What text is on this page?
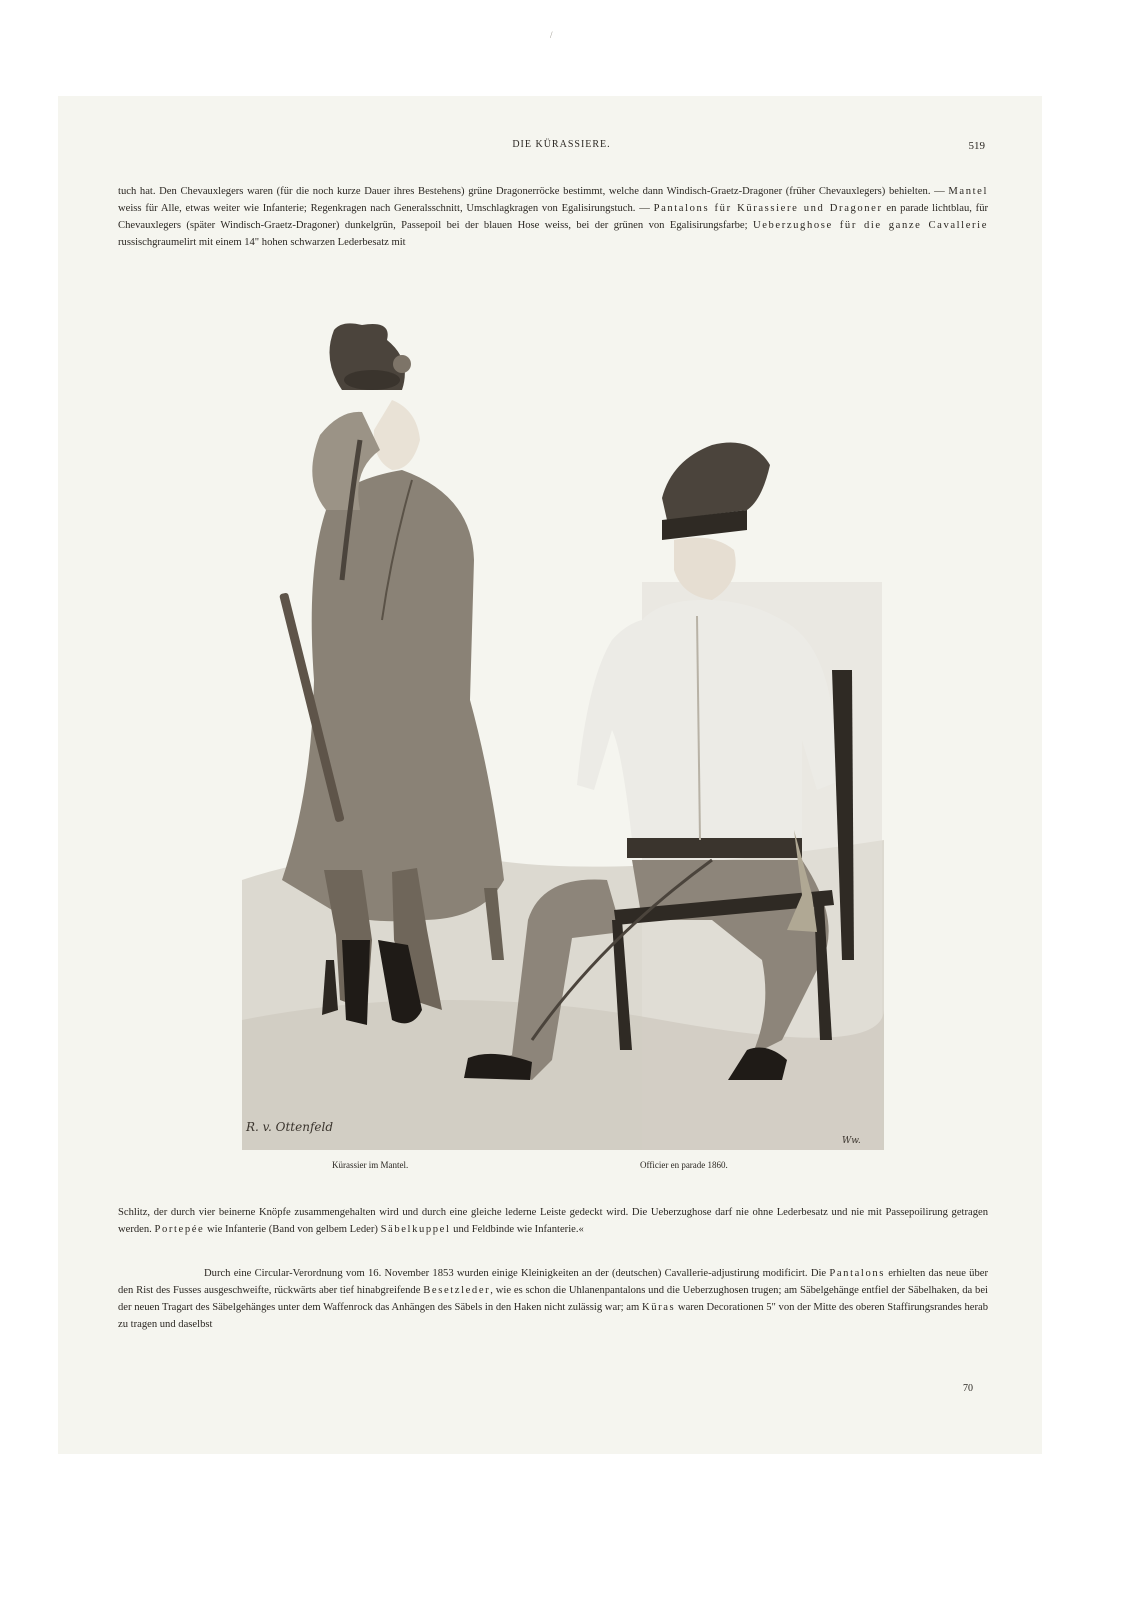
/
DIE KÜRASSIERE.	519

tuch hat. Den Chevauxlegers waren (für die noch kurze Dauer ihres Bestehens) grüne Dragonerröcke bestimmt, welche dann Windisch-Graetz-Dragoner (früher Chevauxlegers) behielten. — Mantel weiss für Alle, etwas weiter wie Infanterie; Regenkragen nach Generalsschnitt, Umschlagkragen von Egalisirungstuch. — Pantalons für Kürassiere und Dragoner en parade lichtblau, für Chevauxlegers (später Windisch-Graetz-Dragoner) dunkelgrün, Passepoil bei der blauen Hose weiss, bei der grünen von Egalisirungsfarbe; Ueberzughose für die ganze Cavallerie russischgraumelirt mit einem 14" hohen schwarzen Lederbesatz mit

R. v. Ottenfeld
Ww.
Kürassier im Mantel.	Officier en parade 1860.

Schlitz, der durch vier beinerne Knöpfe zusammengehalten wird und durch eine gleiche lederne Leiste gedeckt wird. Die Ueberzughose darf nie ohne Lederbesatz und nie mit Passepoilirung getragen werden. Portepée wie Infanterie (Band von gelbem Leder) Säbelkuppel und Feldbinde wie Infanterie.«

Durch eine Circular-Verordnung vom 16. November 1853 wurden einige Kleinigkeiten an der (deutschen) Cavallerie-adjustirung modificirt. Die Pantalons erhielten das neue über den Rist des Fusses ausgeschweifte, rückwärts aber tief hinabgreifende Besetzleder, wie es schon die Uhlanenpantalons und die Ueberzughosen trugen; am Säbelgehänge entfiel der Säbelhaken, da bei der neuen Tragart des Säbelgehänges unter dem Waffenrock das Anhängen des Säbels in den Haken nicht zulässig war; am Küras waren Decorationen 5" von der Mitte des oberen Staffirungsrandes herab zu tragen und daselbst

70
